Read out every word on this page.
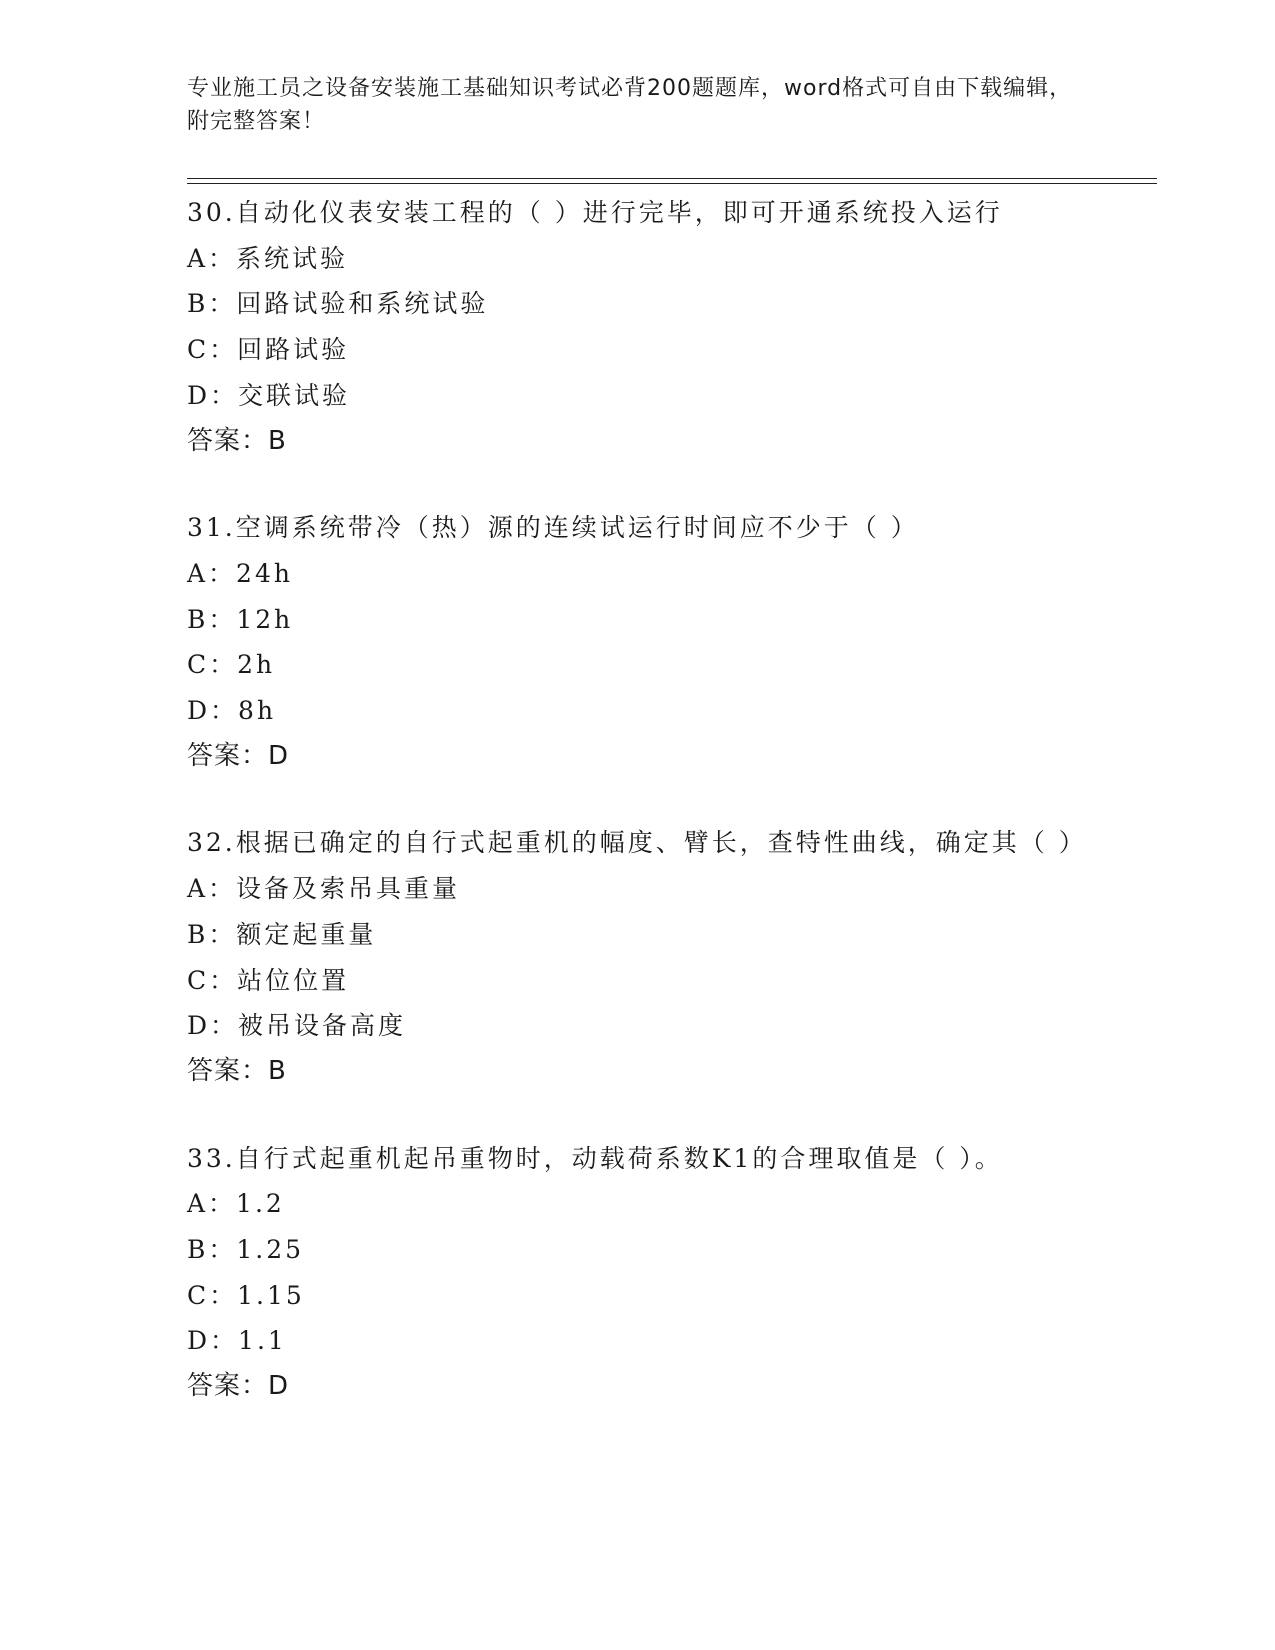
专业施工员之设备安装施工基础知识考试必背200题题库，word格式可自由下载编辑，附完整答案！
30.自动化仪表安装工程的（ ）进行完毕，即可开通系统投入运行
A：系统试验
B：回路试验和系统试验
C：回路试验
D：交联试验
答案：B
31.空调系统带冷（热）源的连续试运行时间应不少于（ ）
A：24h
B：12h
C：2h
D：8h
答案：D
32.根据已确定的自行式起重机的幅度、臂长，查特性曲线，确定其（ ）
A：设备及索吊具重量
B：额定起重量
C：站位位置
D：被吊设备高度
答案：B
33.自行式起重机起吊重物时，动载荷系数K1的合理取值是（ ）。
A：1.2
B：1.25
C：1.15
D：1.1
答案：D
